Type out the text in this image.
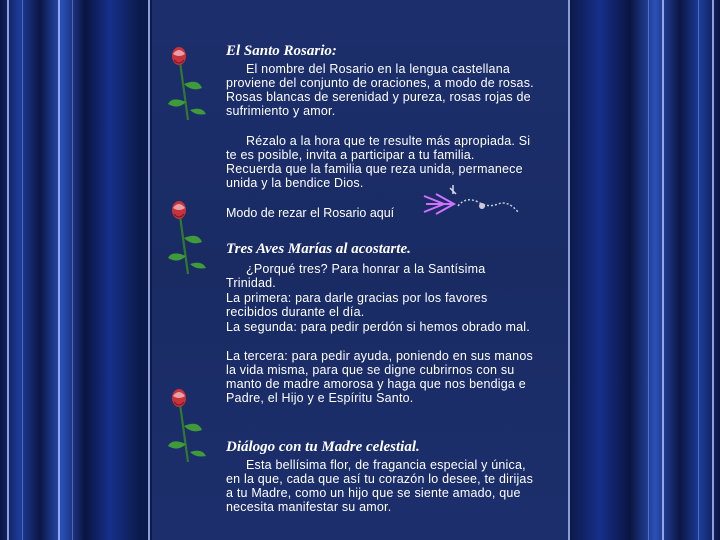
El Santo Rosario:

El nombre del Rosario en la lengua castellana proviene del conjunto de oraciones, a modo de rosas. Rosas blancas de serenidad y pureza, rosas rojas de sufrimiento y amor.

Rézalo a la hora que te resulte más apropiada. Si te es posible, invita a participar a tu familia. Recuerda que la familia que reza unida, permanece unida y la bendice Dios.

Modo de rezar el Rosario aquí
Tres Aves Marías al acostarte.

¿Porqué tres? Para honrar a la Santísima Trinidad.

La primera: para darle gracias por los favores recibidos durante el día.

La segunda: para pedir perdón si hemos obrado mal.

La tercera: para pedir ayuda, poniendo en sus manos la vida misma, para que se digne cubrirnos con su manto de madre amorosa y haga que nos bendiga e Padre, el Hijo y e Espíritu Santo.

Diálogo con tu Madre celestial.

Esta bellísima flor, de fragancia especial y única, en la que, cada que así tu corazón lo desee, te dirijas a tu Madre, como un hijo que se siente amado, que necesita manifestar su amor.
